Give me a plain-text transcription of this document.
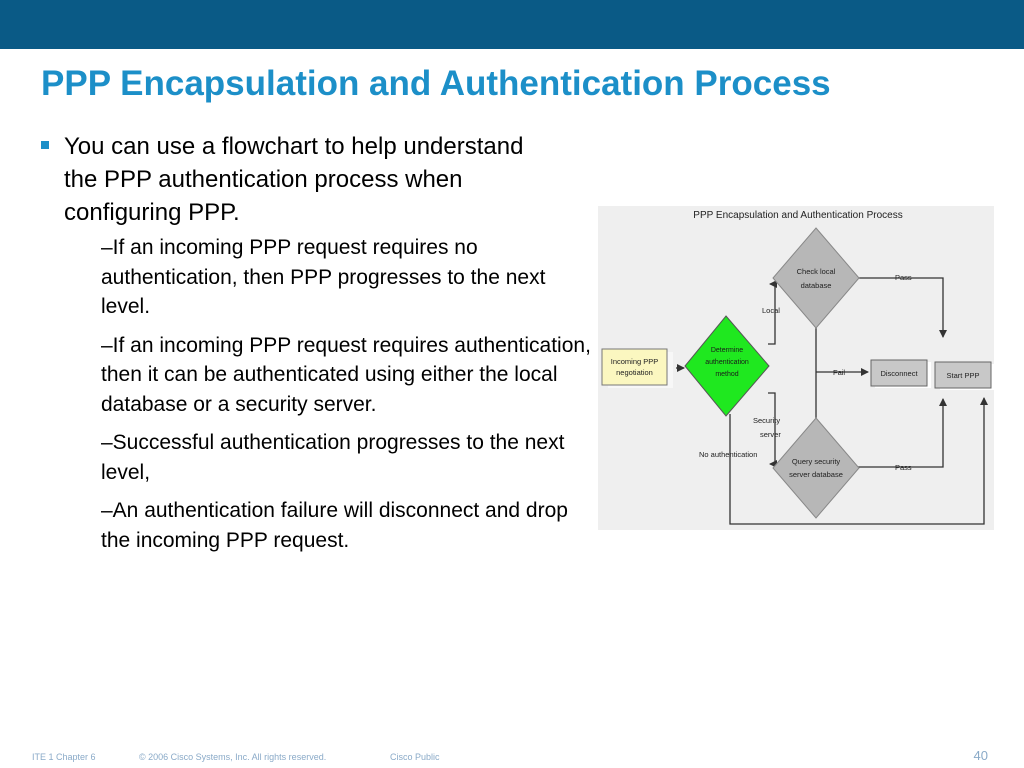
PPP Encapsulation and Authentication Process
You can use a flowchart to help understand the PPP authentication process when configuring PPP.
–If an incoming PPP request requires no authentication, then PPP progresses to the next level.
–If an incoming PPP request requires authentication, then it can be authenticated using either the local database or a security server.
–Successful authentication progresses to the next level,
–An authentication failure will disconnect and drop the incoming PPP request.
PPP Encapsulation and Authentication Process
Incoming PPP
negotiation
Determine
authentication
method
Check local
database
Query security
server database
Disconnect	Start PPP
Local
Security
server
No authentication
Pass
Pass
Fail
ITE 1 Chapter 6	© 2006 Cisco Systems, Inc. All rights reserved.	Cisco Public	40
